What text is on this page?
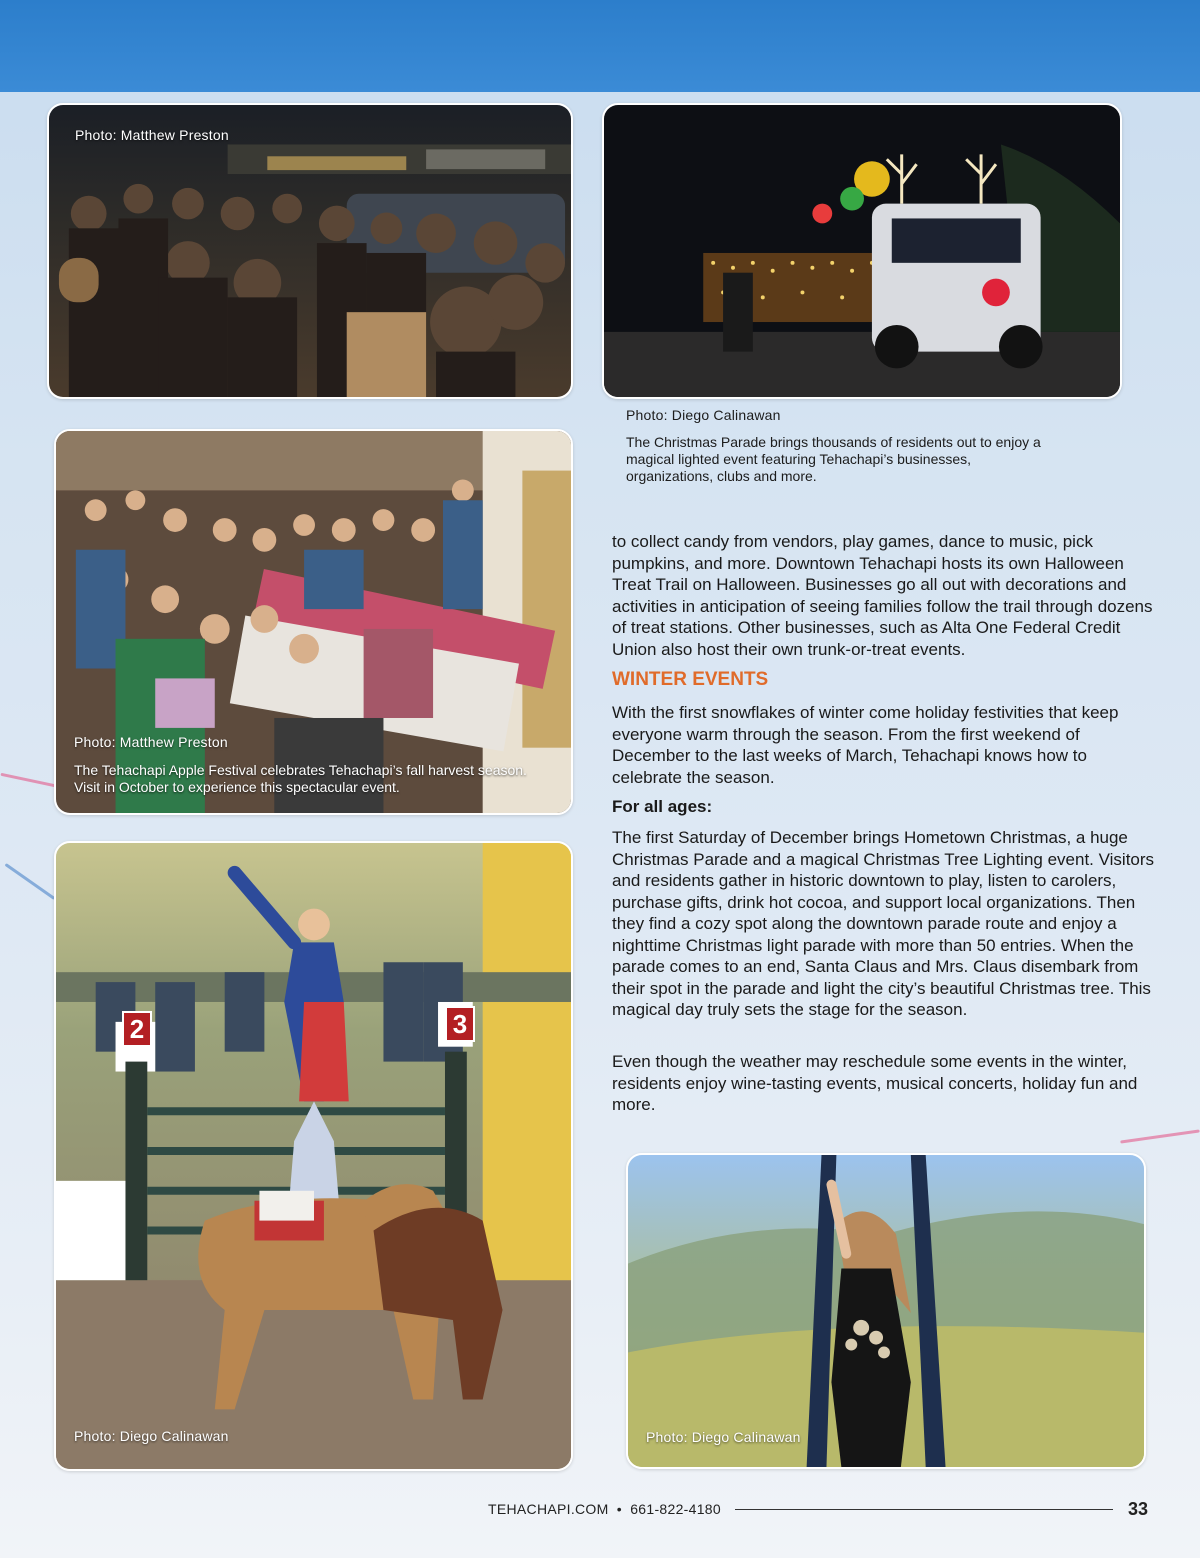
Photo: Matthew Preston
Photo: Diego Calinawan
The Christmas Parade brings thousands of residents out to enjoy a magical lighted event featuring Tehachapi’s businesses, organizations, clubs and more.
Photo: Matthew Preston
The Tehachapi Apple Festival celebrates Tehachapi’s fall harvest season. Visit in October to experience this spectacular event.
2	3
Photo: Diego Calinawan	Photo: Diego Calinawan

to collect candy from vendors, play games, dance to music, pick pumpkins, and more. Downtown Tehachapi hosts its own Halloween Treat Trail on Halloween. Businesses go all out with decorations and activities in anticipation of seeing families follow the trail through dozens of treat stations. Other businesses, such as Alta One Federal Credit Union also host their own trunk-or-treat events.

WINTER EVENTS

With the first snowflakes of winter come holiday festivities that keep everyone warm through the season. From the first weekend of December to the last weeks of March, Tehachapi knows how to celebrate the season.

For all ages:

The first Saturday of December brings Hometown Christmas, a huge Christmas Parade and a magical Christmas Tree Lighting event. Visitors and residents gather in historic downtown to play, listen to carolers, purchase gifts, drink hot cocoa, and support local organizations. Then they find a cozy spot along the downtown parade route and enjoy a nighttime Christmas light parade with more than 50 entries. When the parade comes to an end, Santa Claus and Mrs. Claus disembark from their spot in the parade and light the city’s beautiful Christmas tree. This magical day truly sets the stage for the season.

Even though the weather may reschedule some events in the winter, residents enjoy wine-tasting events, musical concerts, holiday fun and more.

TEHACHAPI.COM • 661-822-4180	33
